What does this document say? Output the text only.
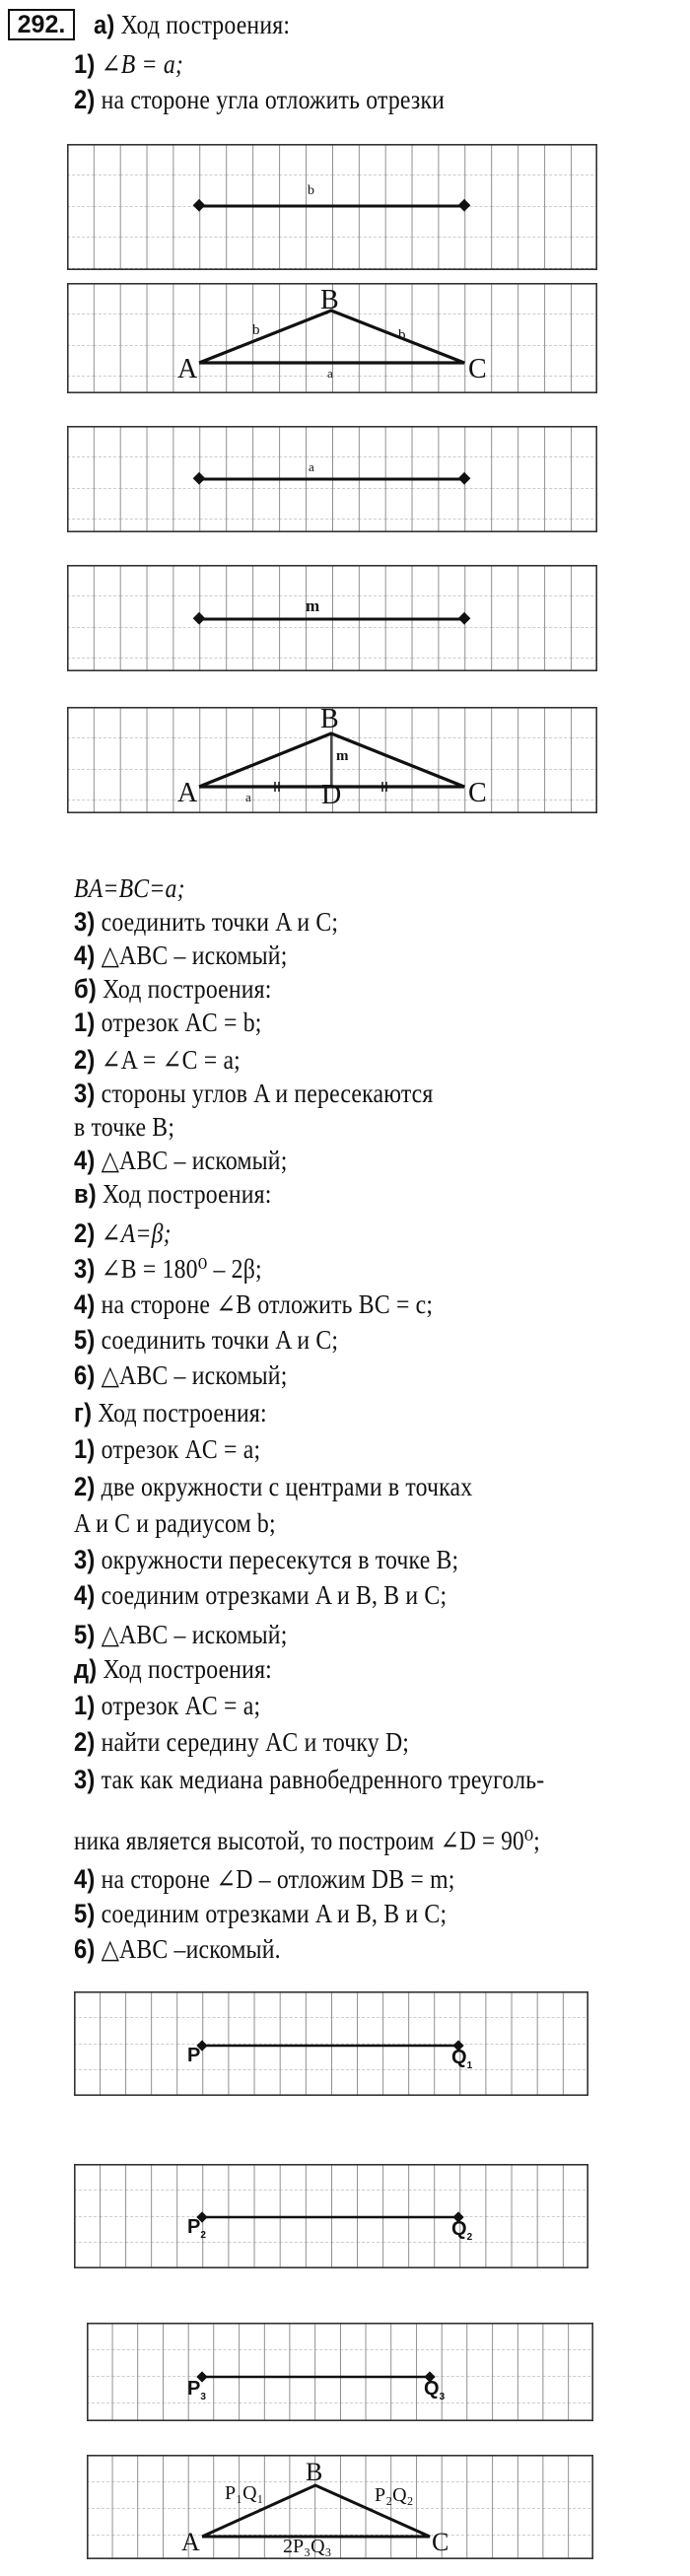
292.	а) Ход построения:
1) ∠B = a;
2) на стороне угла отложить отрезки
b
A
B
C
b	b
a
a
m
A
B
C
D
a
m
BA=BC=a;
3) соединить точки A и C;
4) △ABC – искомый;
б) Ход построения:
1) отрезок AC = b;
2) ∠A = ∠C = a;
3) стороны углов A и пересекаются
в точке B;
4) △ABC – искомый;
в) Ход построения:
2) ∠A=β;
3) ∠B = 180⁰ – 2β;
4) на стороне ∠B отложить BC = c;
5) соединить точки A и C;
6) △ABC – искомый;
г) Ход построения:
1) отрезок AC = a;
2) две окружности с центрами в точках
A и C и радиусом b;
3) окружности пересекутся в точке B;
4) соединим отрезками A и B, B и C;
5) △ABC – искомый;
д) Ход построения:
1) отрезок AC = a;
2) найти середину AC и точку D;
3) так как медиана равнобедренного треуголь-
ника является высотой, то построим ∠D = 90⁰;
4) на стороне ∠D – отложим DB = m;
5) соединим отрезками A и B, B и C;
6) △ABC –искомый.
P	$Q_1$
$P_2$	$Q_2$
$P_3$	$Q_3$
A
B
C
P₁Q₁	P₂Q₂
2P₃Q₃
